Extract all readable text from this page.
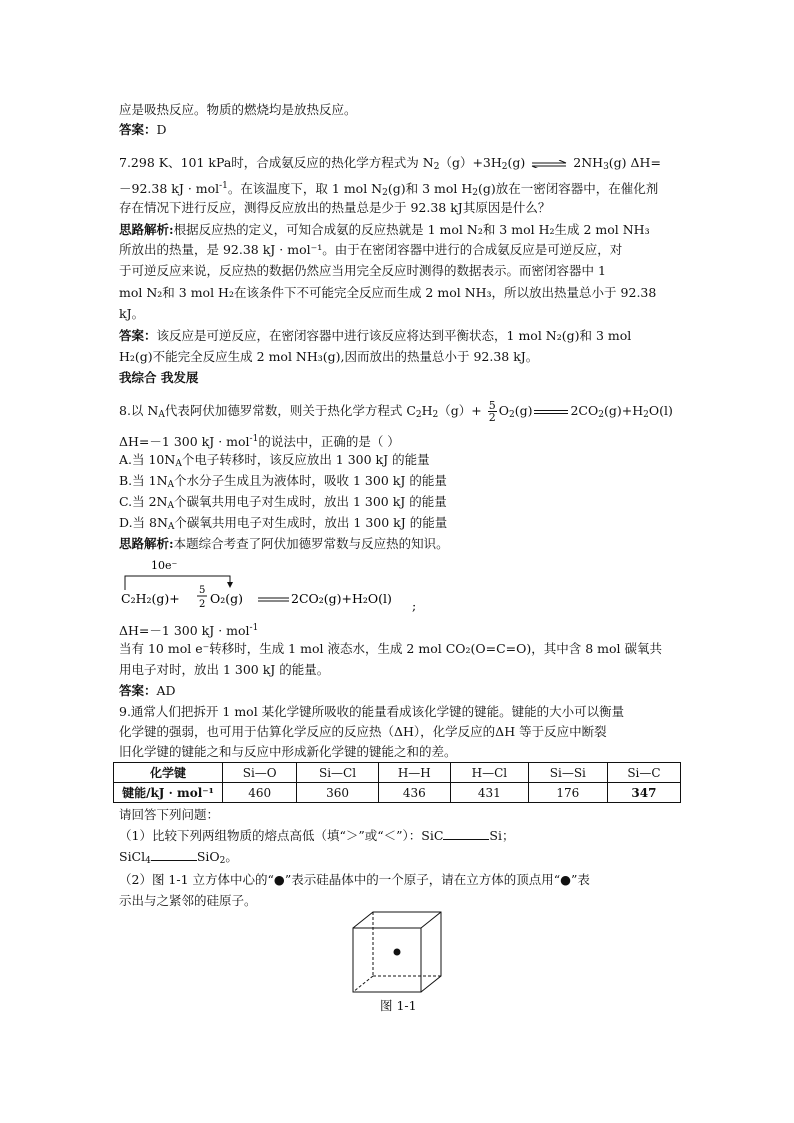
应是吸热反应。物质的燃烧均是放热反应。
答案：D
7.298 K、101 kPa时，合成氨反应的热化学方程式为 $N_2(g)+3H_2(g)$ ⇌ $2NH_3(g)$ ΔH=
－92.38 kJ · mol$^{-1}$。在该温度下，取 1 mol $N_2(g)$和 3 mol $H_2(g)$放在一密闭容器中，在催化剂
存在情况下进行反应，测得反应放出的热量总是少于 92.38 kJ其原因是什么？
思路解析:根据反应热的定义，可知合成氨的反应热就是 1 mol N₂和 3 mol H₂生成 2 mol NH₃
所放出的热量，是 92.38 kJ · mol⁻¹。由于在密闭容器中进行的合成氨反应是可逆反应，对
于可逆反应来说，反应热的数据仍然应当用完全反应时测得的数据表示。而密闭容器中 1
mol N₂和 3 mol H₂在该条件下不可能完全反应而生成 2 mol NH₃，所以放出热量总小于 92.38
kJ。
答案：该反应是可逆反应，在密闭容器中进行该反应将达到平衡状态，1 mol N₂(g)和 3 mol
H₂(g)不能完全反应生成 2 mol NH₃(g),因而放出的热量总小于 92.38 kJ。
我综合 我发展
8.以 $N_A$代表阿伏加德罗常数，则关于热化学方程式 $C_2H_2(g)+ \frac{5}{2} O_2(g)$	$2CO_2(g)+H_2O(l)$
ΔH=－1 300 kJ · mol$^{-1}$的说法中，正确的是（ ）
A.当 $10N_A$个电子转移时，该反应放出 1 300 kJ 的能量
B.当 $1N_A$个水分子生成且为液体时，吸收 1 300 kJ 的能量
C.当 $2N_A$个碳氧共用电子对生成时，放出 1 300 kJ 的能量
D.当 $8N_A$个碳氧共用电子对生成时，放出 1 300 kJ 的能量
思路解析:本题综合考查了阿伏加德罗常数与反应热的知识。
10e⁻
C₂H₂(g)+
5
2 O₂(g)	2CO₂(g)+H₂O(l) ;
ΔH=－1 300 kJ · mol$^{-1}$
当有 10 mol e⁻转移时，生成 1 mol 液态水，生成 2 mol CO₂(O=C=O)，其中含 8 mol 碳氧共
用电子对时，放出 1 300 kJ 的能量。
答案：AD
9.通常人们把拆开 1 mol 某化学键所吸收的能量看成该化学键的键能。键能的大小可以衡量
化学键的强弱，也可用于估算化学反应的反应热（ΔH），化学反应的ΔH 等于反应中断裂
旧化学键的键能之和与反应中形成新化学键的键能之和的差。
化学键	Si—O	Si—Cl	H—H	H—Cl	Si—Si	Si—C
键能/kJ · mol⁻¹	460	360	436	431	176	347
请回答下列问题：
（1）比较下列两组物质的熔点高低（填“＞”或“＜”）：SiC	Si；
SiCl$_4$	SiO$_2$。
（2）图 1-1 立方体中心的“●”表示硅晶体中的一个原子，请在立方体的顶点用“●”表
示出与之紧邻的硅原子。
图 1-1
